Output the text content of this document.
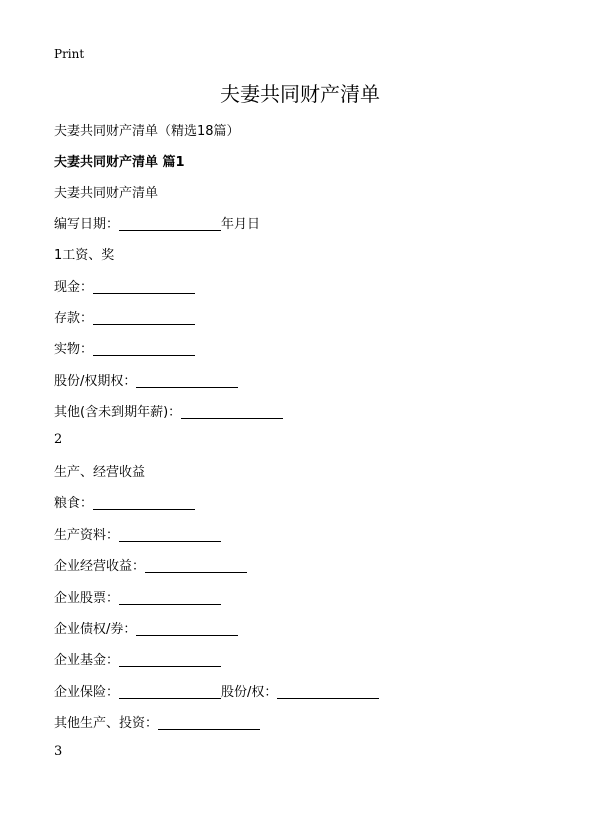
Print
夫妻共同财产清单
夫妻共同财产清单（精选18篇）
夫妻共同财产清单 篇1
夫妻共同财产清单
编写日期：	年月日
1工资、奖
现金：
存款：
实物：
股份/权期权：
其他(含未到期年薪)：
2
生产、经营收益
粮食：
生产资料：
企业经营收益：
企业股票：
企业债权/券：
企业基金：
企业保险：	股份/权：
其他生产、投资：
3
